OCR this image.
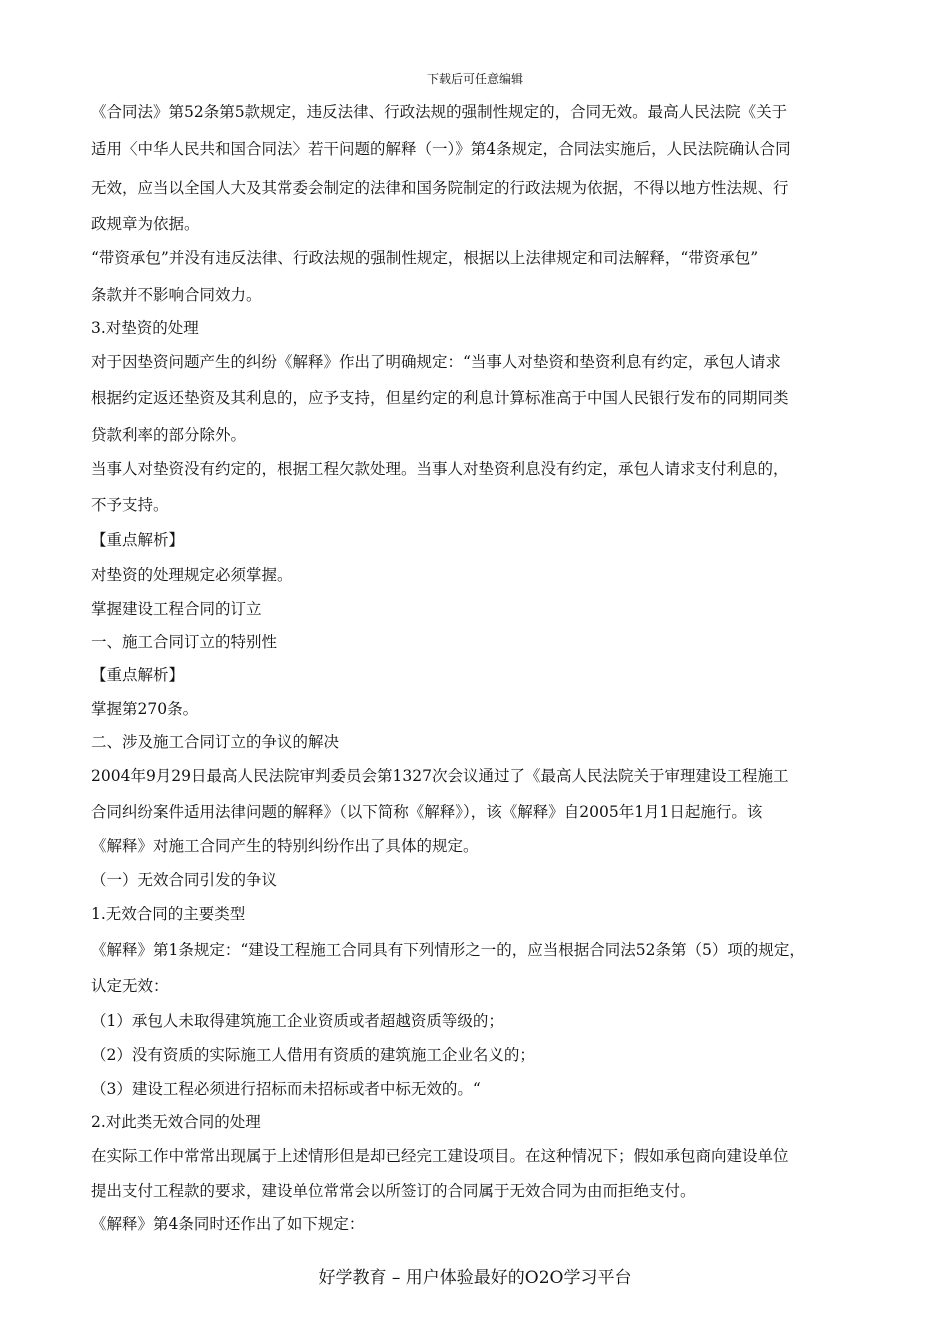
下载后可任意编辑
《合同法》第52条第5款规定，违反法律、行政法规的强制性规定的，合同无效。最高人民法院《关于
适用〈中华人民共和国合同法〉若干问题的解释（一）》第4条规定，合同法实施后，人民法院确认合同
无效，应当以全国人大及其常委会制定的法律和国务院制定的行政法规为依据，不得以地方性法规、行
政规章为依据。
“带资承包”并没有违反法律、行政法规的强制性规定，根据以上法律规定和司法解释，“带资承包”
条款并不影响合同效力。
3.对垫资的处理
对于因垫资问题产生的纠纷《解释》作出了明确规定：“当事人对垫资和垫资利息有约定，承包人请求
根据约定返还垫资及其利息的，应予支持，但星约定的利息计算标准高于中国人民银行发布的同期同类
贷款利率的部分除外。
当事人对垫资没有约定的，根据工程欠款处理。当事人对垫资利息没有约定，承包人请求支付利息的，
不予支持。
【重点解析】
对垫资的处理规定必须掌握。
掌握建设工程合同的订立
一、施工合同订立的特别性
【重点解析】
掌握第270条。
二、涉及施工合同订立的争议的解决
2004年9月29日最高人民法院审判委员会第1327次会议通过了《最高人民法院关于审理建设工程施工
合同纠纷案件适用法律问题的解释》（以下简称《解释》），该《解释》自2005年1月1日起施行。该
《解释》对施工合同产生的特别纠纷作出了具体的规定。
（一）无效合同引发的争议
1.无效合同的主要类型
《解释》第1条规定：“建设工程施工合同具有下列情形之一的，应当根据合同法52条第（5）项的规定，
认定无效：
（1）承包人未取得建筑施工企业资质或者超越资质等级的；
（2）没有资质的实际施工人借用有资质的建筑施工企业名义的；
（3）建设工程必须进行招标而未招标或者中标无效的。“
2.对此类无效合同的处理
在实际工作中常常出现属于上述情形但是却已经完工建设项目。在这种情况下；假如承包商向建设单位
提出支付工程款的要求，建设单位常常会以所签订的合同属于无效合同为由而拒绝支付。
《解释》第4条同时还作出了如下规定：
好学教育 – 用户体验最好的O2O学习平台
